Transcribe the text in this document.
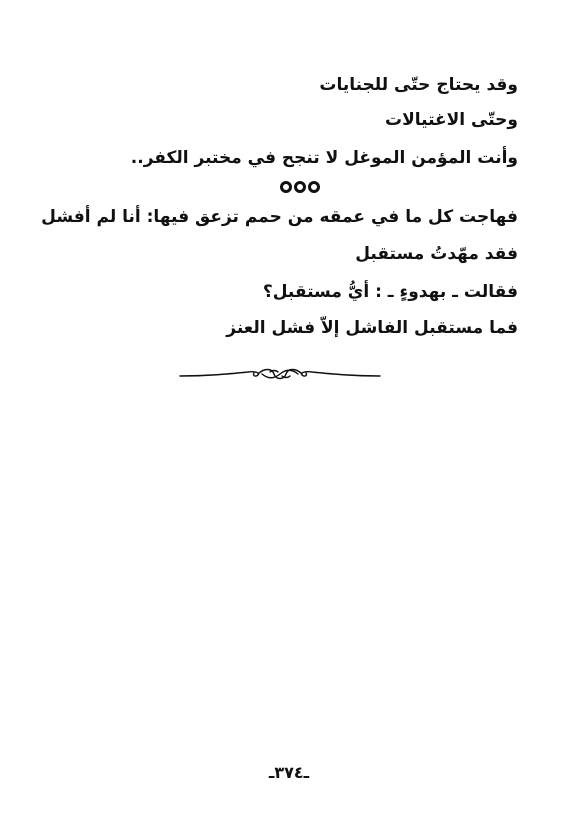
وقد يحتاج حتّى للجنايات
وحتّى الاغتيالات
وأنت المؤمن الموغل لا تنجح في مختبر الكفر..
فهاجت كل ما في عمقه من حمم تزعق فيها: أنا لم أفشل
فقد مهّدتُ مستقبل
فقالت ـ بهدوءٍ ـ : أيُّ مستقبل؟
فما مستقبل الفاشل إلاّ فشل العنز
ـ٣٧٤ـ
